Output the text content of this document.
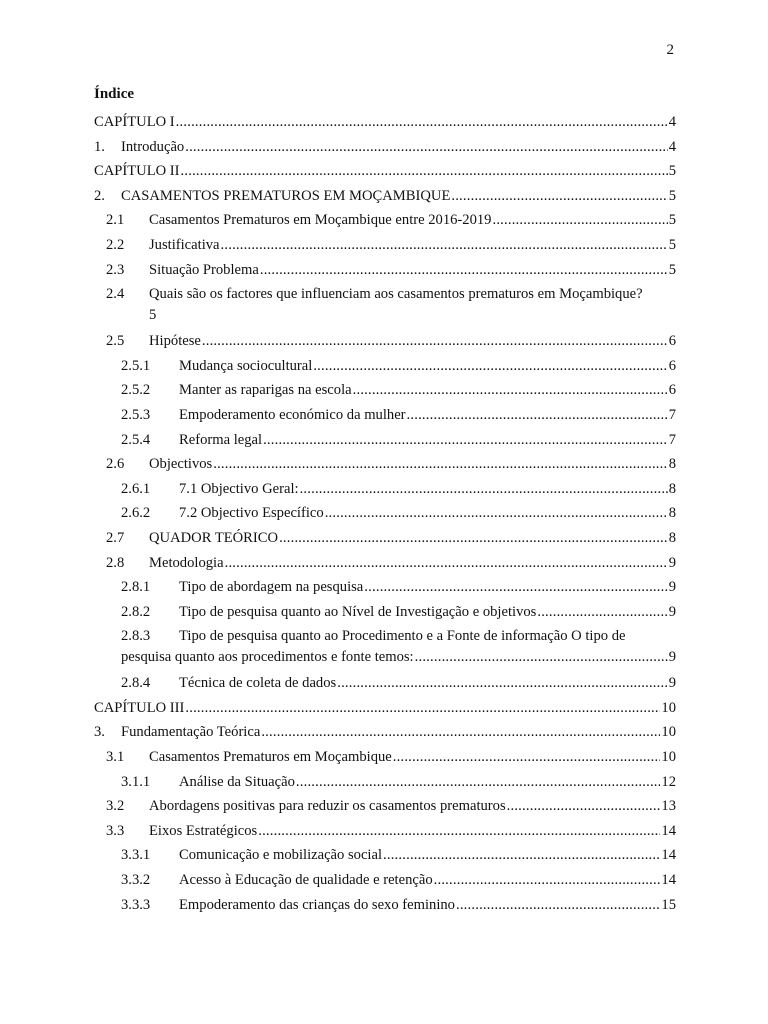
2
Índice
CAPÍTULO I .....	4
1.	Introdução .....	4
CAPÍTULO II .....	5
2.	CASAMENTOS PREMATUROS EM MOÇAMBIQUE .....	5
2.1	Casamentos Prematuros em Moçambique entre 2016-2019 .....	5
2.2	Justificativa .....	5
2.3	Situação Problema .....	5
2.4	Quais são os factores que influenciam aos casamentos prematuros em Moçambique?
5
2.5	Hipótese .....	6
2.5.1	Mudança sociocultural .....	6
2.5.2	Manter as raparigas na escola .....	6
2.5.3	Empoderamento económico da mulher .....	7
2.5.4	Reforma legal .....	7
2.6	Objectivos .....	8
2.6.1	7.1 Objectivo Geral: .....	8
2.6.2	7.2 Objectivo Específico .....	8
2.7	QUADOR TEÓRICO .....	8
2.8	Metodologia .....	9
2.8.1	Tipo de abordagem na pesquisa .....	9
2.8.2	Tipo de pesquisa quanto ao Nível de Investigação e objetivos .....	9
2.8.3	Tipo de pesquisa quanto ao Procedimento e a Fonte de informação O tipo de
pesquisa quanto aos procedimentos e fonte temos: .....	9
2.8.4	Técnica de coleta de dados .....	9
CAPÍTULO III .....	10
3.	Fundamentação Teórica .....	10
3.1	Casamentos Prematuros em Moçambique .....	10
3.1.1	Análise da Situação .....	12
3.2	Abordagens positivas para reduzir os casamentos prematuros .....	13
3.3	Eixos Estratégicos .....	14
3.3.1	Comunicação e mobilização social .....	14
3.3.2	Acesso à Educação de qualidade e retenção .....	14
3.3.3	Empoderamento das crianças do sexo feminino .....	15
